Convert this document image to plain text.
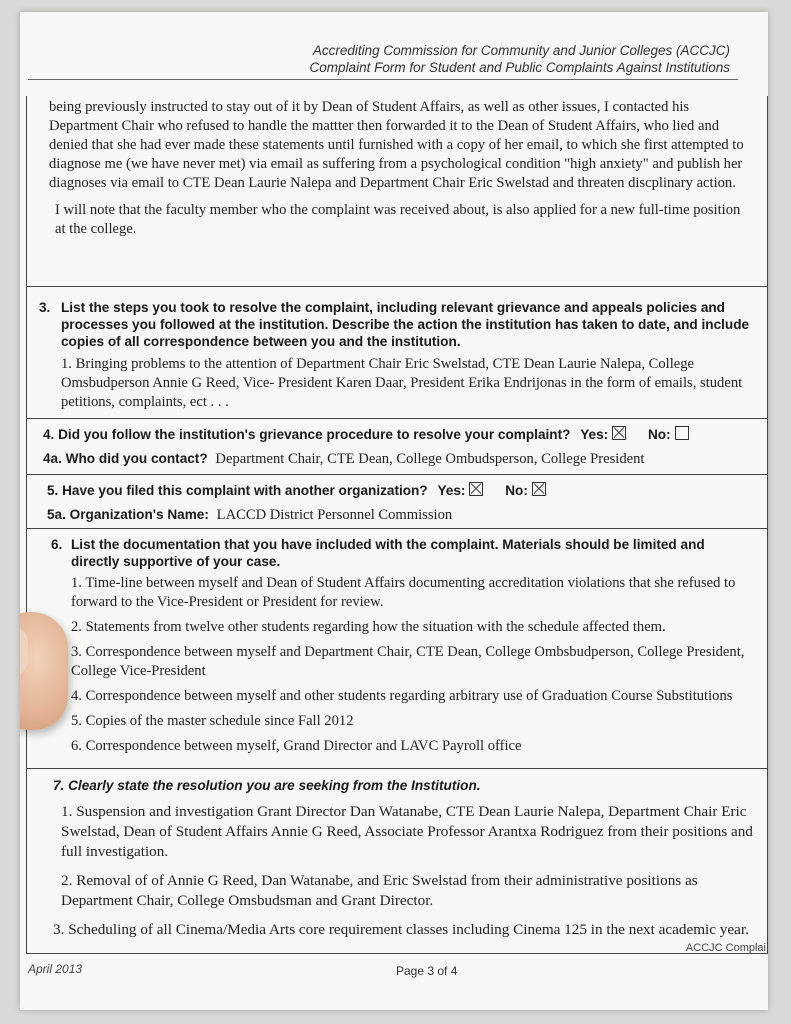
Accrediting Commission for Community and Junior Colleges (ACCJC)
Complaint Form for Student and Public Complaints Against Institutions

being previously instructed to stay out of it by Dean of Student Affairs, as well as other issues, I contacted his Department Chair who refused to handle the mattter then forwarded it to the Dean of Student Affairs, who lied and denied that she had ever made these statements until furnished with a copy of her email, to which she first attempted to diagnose me (we have never met) via email as suffering from a psychological condition "high anxiety" and publish her diagnoses via email to CTE Dean Laurie Nalepa and Department Chair Eric Swelstad and threaten discplinary action.

I will note that the faculty member who the complaint was received about, is also applied for a new full-time position at the college.

3. List the steps you took to resolve the complaint, including relevant grievance and appeals policies and processes you followed at the institution. Describe the action the institution has taken to date, and include copies of all correspondence between you and the institution.
1. Bringing problems to the attention of Department Chair Eric Swelstad, CTE Dean Laurie Nalepa, College Omsbudperson Annie G Reed, Vice- President Karen Daar, President Erika Endrijonas in the form of emails, student petitions, complaints, ect . . .
4. Did you follow the institution's grievance procedure to resolve your complaint? Yes:	No:
4a. Who did you contact? Department Chair, CTE Dean, College Ombudsperson, College President
5. Have you filed this complaint with another organization? Yes:	No:
5a. Organization's Name: LACCD District Personnel Commission
6. List the documentation that you have included with the complaint. Materials should be limited and directly supportive of your case.
1. Time-line between myself and Dean of Student Affairs documenting accreditation violations that she refused to forward to the Vice-President or President for review.
2. Statements from twelve other students regarding how the situation with the schedule affected them.
3. Correspondence between myself and Department Chair, CTE Dean, College Ombsbudperson, College President, College Vice-President
4. Correspondence between myself and other students regarding arbitrary use of Graduation Course Substitutions
5. Copies of the master schedule since Fall 2012
6. Correspondence between myself, Grand Director and LAVC Payroll office
7. Clearly state the resolution you are seeking from the Institution.
1. Suspension and investigation Grant Director Dan Watanabe, CTE Dean Laurie Nalepa, Department Chair Eric Swelstad, Dean of Student Affairs Annie G Reed, Associate Professor Arantxa Rodriguez from their positions and full investigation.
2. Removal of of Annie G Reed, Dan Watanabe, and Eric Swelstad from their administrative positions as Department Chair, College Omsbudsman and Grant Director.
3. Scheduling of all Cinema/Media Arts core requirement classes including Cinema 125 in the next academic year.
ACCJC Complai
April 2013	Page 3 of 4
